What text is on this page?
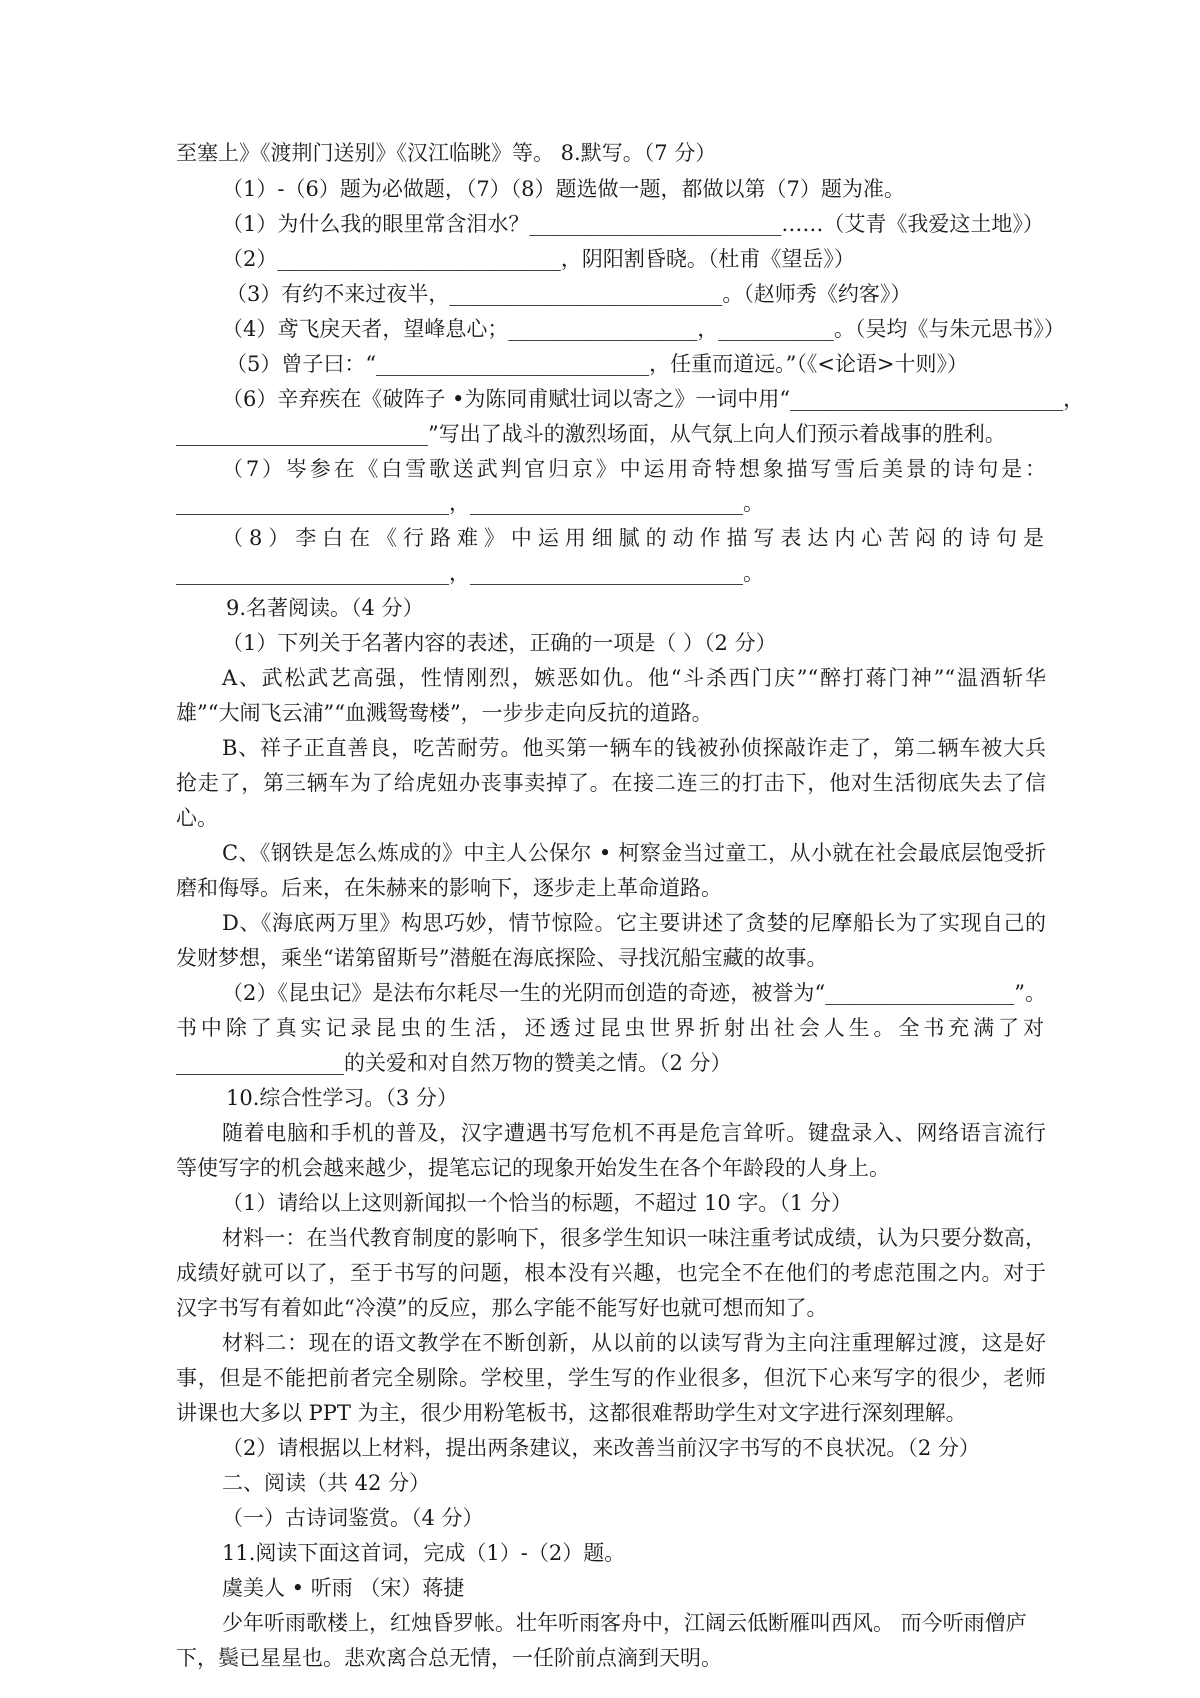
至塞上》《渡荆门送别》《汉江临眺》等。 8.默写。（7 分）
（1）-（6）题为必做题，（7）（8）题选做一题，都做以第（7）题为准。
（1）为什么我的眼里常含泪水？________________________……（艾青《我爱这土地》）
（2）___________________________，阴阳割昏晓。（杜甫《望岳》）
（3）有约不来过夜半，__________________________。（赵师秀《约客》）
（4）鸢飞戾天者，望峰息心；__________________，___________。（吴均《与朱元思书》）
（5）曾子曰：“__________________________，任重而道远。”（《<论语>十则》）
（6）辛弃疾在《破阵子 •为陈同甫赋壮词以寄之》一词中用“__________________________，
________________________”写出了战斗的激烈场面，从气氛上向人们预示着战事的胜利。
（7）岑参在《白雪歌送武判官归京》中运用奇特想象描写雪后美景的诗句是：
__________________________，__________________________。
（8）李白在《行路难》中运用细腻的动作描写表达内心苦闷的诗句是
__________________________，__________________________。
9.名著阅读。（4 分）
（1）下列关于名著内容的表述，正确的一项是（ ）（2 分）
A、武松武艺高强，性情刚烈，嫉恶如仇。他“斗杀西门庆”“醉打蒋门神”“温酒斩华
雄”“大闹飞云浦”“血溅鸳鸯楼”，一步步走向反抗的道路。
B、祥子正直善良，吃苦耐劳。他买第一辆车的钱被孙侦探敲诈走了，第二辆车被大兵
抢走了，第三辆车为了给虎妞办丧事卖掉了。在接二连三的打击下，他对生活彻底失去了信
心。
C、《钢铁是怎么炼成的》中主人公保尔 • 柯察金当过童工，从小就在社会最底层饱受折
磨和侮辱。后来，在朱赫来的影响下，逐步走上革命道路。
D、《海底两万里》构思巧妙，情节惊险。它主要讲述了贪婪的尼摩船长为了实现自己的
发财梦想，乘坐“诺第留斯号”潜艇在海底探险、寻找沉船宝藏的故事。
（2）《昆虫记》是法布尔耗尽一生的光阴而创造的奇迹，被誉为“__________________”。
书中除了真实记录昆虫的生活，还透过昆虫世界折射出社会人生。全书充满了对
________________的关爱和对自然万物的赞美之情。（2 分）
10.综合性学习。（3 分）
随着电脑和手机的普及，汉字遭遇书写危机不再是危言耸听。键盘录入、网络语言流行
等使写字的机会越来越少，提笔忘记的现象开始发生在各个年龄段的人身上。
（1）请给以上这则新闻拟一个恰当的标题，不超过 10 字。（1 分）
材料一：在当代教育制度的影响下，很多学生知识一味注重考试成绩，认为只要分数高，
成绩好就可以了，至于书写的问题，根本没有兴趣，也完全不在他们的考虑范围之内。对于
汉字书写有着如此“冷漠”的反应，那么字能不能写好也就可想而知了。
材料二：现在的语文教学在不断创新，从以前的以读写背为主向注重理解过渡，这是好
事，但是不能把前者完全剔除。学校里，学生写的作业很多，但沉下心来写字的很少，老师
讲课也大多以 PPT 为主，很少用粉笔板书，这都很难帮助学生对文字进行深刻理解。
（2）请根据以上材料，提出两条建议，来改善当前汉字书写的不良状况。（2 分）
二、阅读（共 42 分）
（一）古诗词鉴赏。（4 分）
11.阅读下面这首词，完成（1）-（2）题。
虞美人 • 听雨 （宋）蒋捷
少年听雨歌楼上，红烛昏罗帐。壮年听雨客舟中，江阔云低断雁叫西风。 而今听雨僧庐
下，鬓已星星也。悲欢离合总无情，一任阶前点滴到天明。
